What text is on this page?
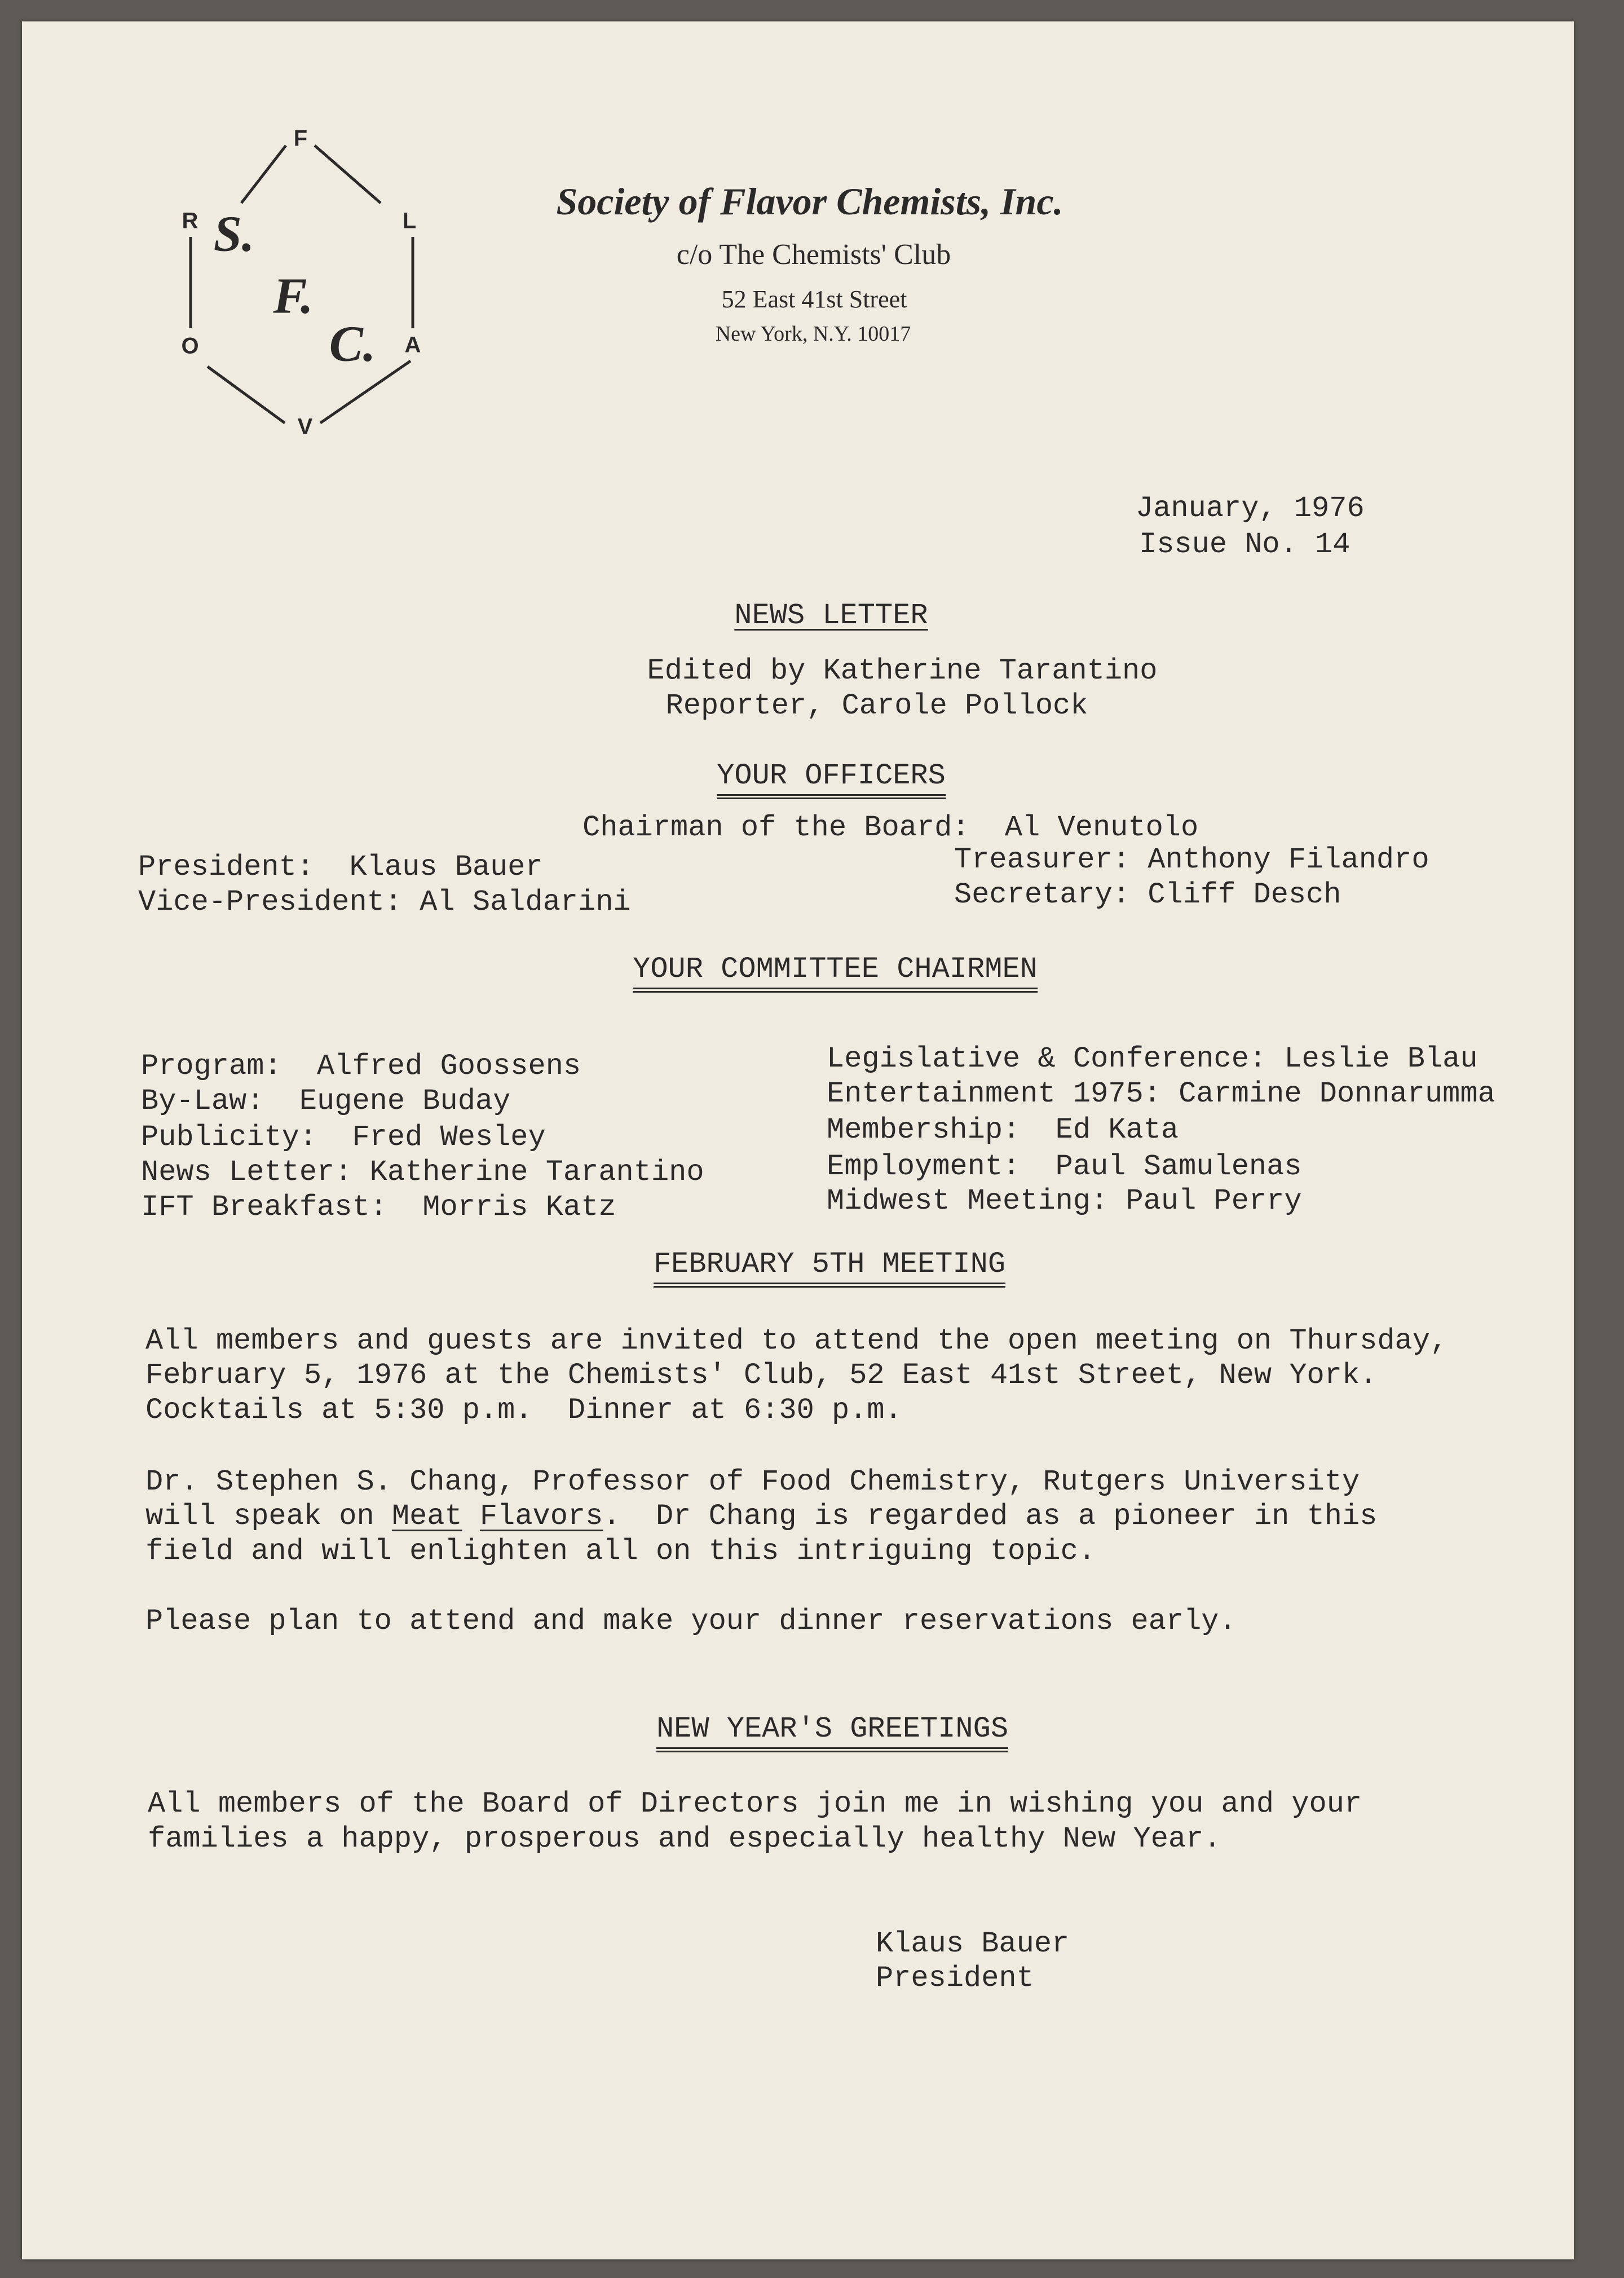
F
L
A
V
O
R S.
F.
C.
Society of Flavor Chemists, Inc.
c/o The Chemists' Club
52 East 41st Street
New York, N.Y. 10017
January, 1976
Issue No. 14
NEWS LETTER
Edited by Katherine Tarantino
Reporter, Carole Pollock
YOUR OFFICERS
Chairman of the Board:  Al Venutolo
President:  Klaus Bauer
Vice-President: Al Saldarini
Treasurer: Anthony Filandro
Secretary: Cliff Desch
YOUR COMMITTEE CHAIRMEN
Program:  Alfred Goossens
By-Law:  Eugene Buday
Publicity:  Fred Wesley
News Letter: Katherine Tarantino
IFT Breakfast:  Morris Katz
Legislative & Conference: Leslie Blau
Entertainment 1975: Carmine Donnarumma
Membership:  Ed Kata
Employment:  Paul Samulenas
Midwest Meeting: Paul Perry
FEBRUARY 5TH MEETING
All members and guests are invited to attend the open meeting on Thursday,
February 5, 1976 at the Chemists' Club, 52 East 41st Street, New York.
Cocktails at 5:30 p.m.  Dinner at 6:30 p.m.
Dr. Stephen S. Chang, Professor of Food Chemistry, Rutgers University
will speak on Meat Flavors.  Dr Chang is regarded as a pioneer in this
field and will enlighten all on this intriguing topic.
Please plan to attend and make your dinner reservations early.
NEW YEAR'S GREETINGS
All members of the Board of Directors join me in wishing you and your
families a happy, prosperous and especially healthy New Year.
Klaus Bauer
President
